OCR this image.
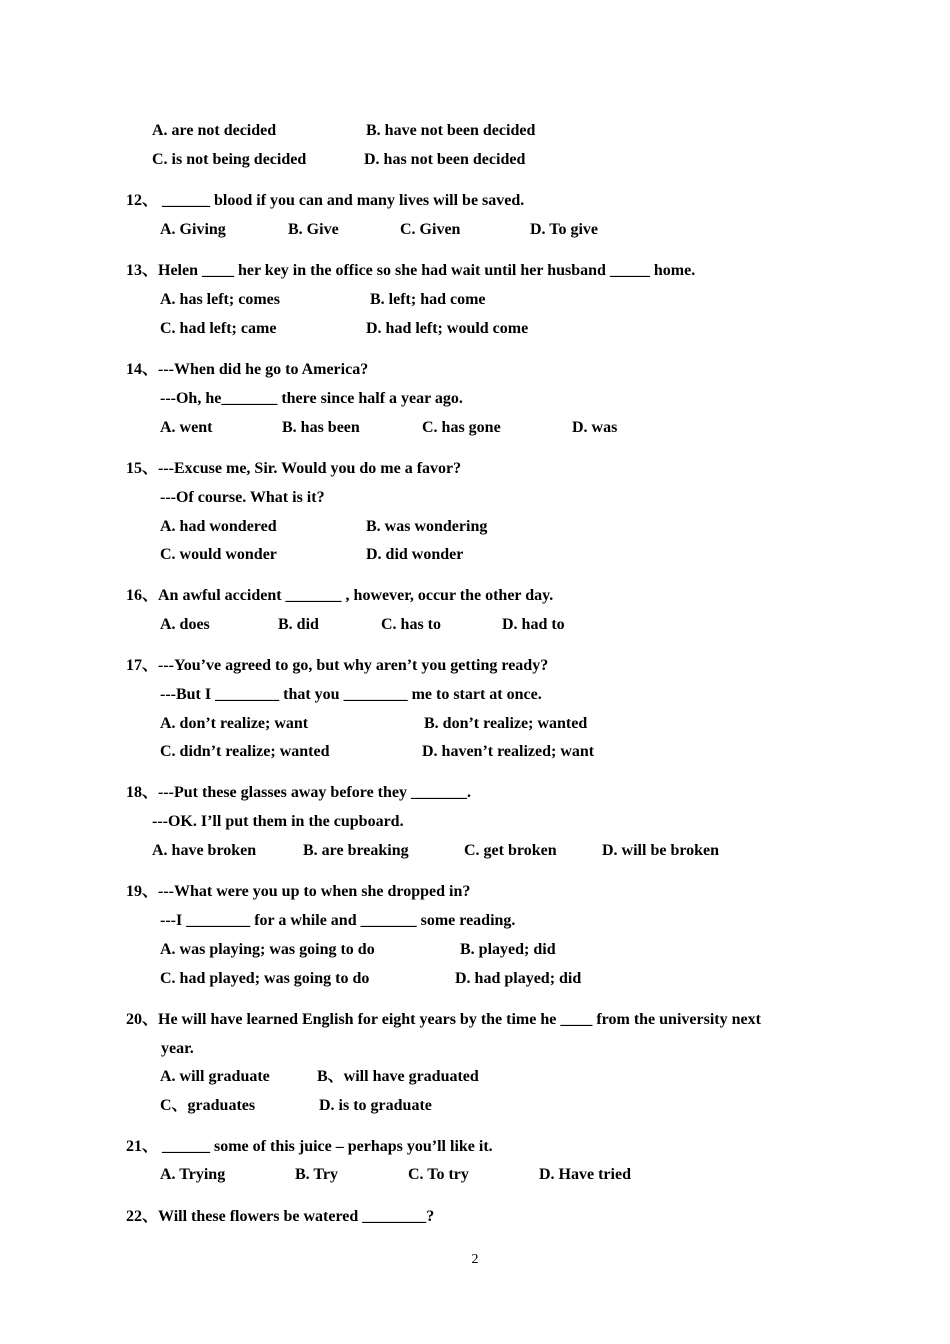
A. are not decided	B. have not been decided
C. is not being decided	D. has not been decided
12、 ______ blood if you can and many lives will be saved.
A. Giving	B. Give	C. Given	D. To give
13、Helen ____ her key in the office so she had wait until her husband _____ home.
A. has left; comes	B. left; had come
C. had left; came	D. had left; would come
14、---When did he go to America?
---Oh, he_______ there since half a year ago.
A. went	B. has been	C. has gone	D. was
15、---Excuse me, Sir. Would you do me a favor?
---Of course. What is it?
A. had wondered	B. was wondering
C. would wonder	D. did wonder
16、An awful accident _______ , however, occur the other day.
A. does	B. did	C. has to	D. had to
17、---You’ve agreed to go, but why aren’t you getting ready?
---But I ________ that you ________ me to start at once.
A. don’t realize; want	B. don’t realize; wanted
C. didn’t realize; wanted	D. haven’t realized; want
18、---Put these glasses away before they _______.
---OK. I’ll put them in the cupboard.
A. have broken	B. are breaking	C. get broken	D. will be broken
19、---What were you up to when she dropped in?
---I ________ for a while and _______ some reading.
A. was playing; was going to do	B. played; did
C. had played; was going to do	D. had played; did
20、He will have learned English for eight years by the time he ____ from the university next
year.
A. will graduate	B、will have graduated
C、graduates	D. is to graduate
21、 ______ some of this juice – perhaps you’ll like it.
A. Trying	B. Try	C. To try	D. Have tried
22、Will these flowers be watered ________?
2
